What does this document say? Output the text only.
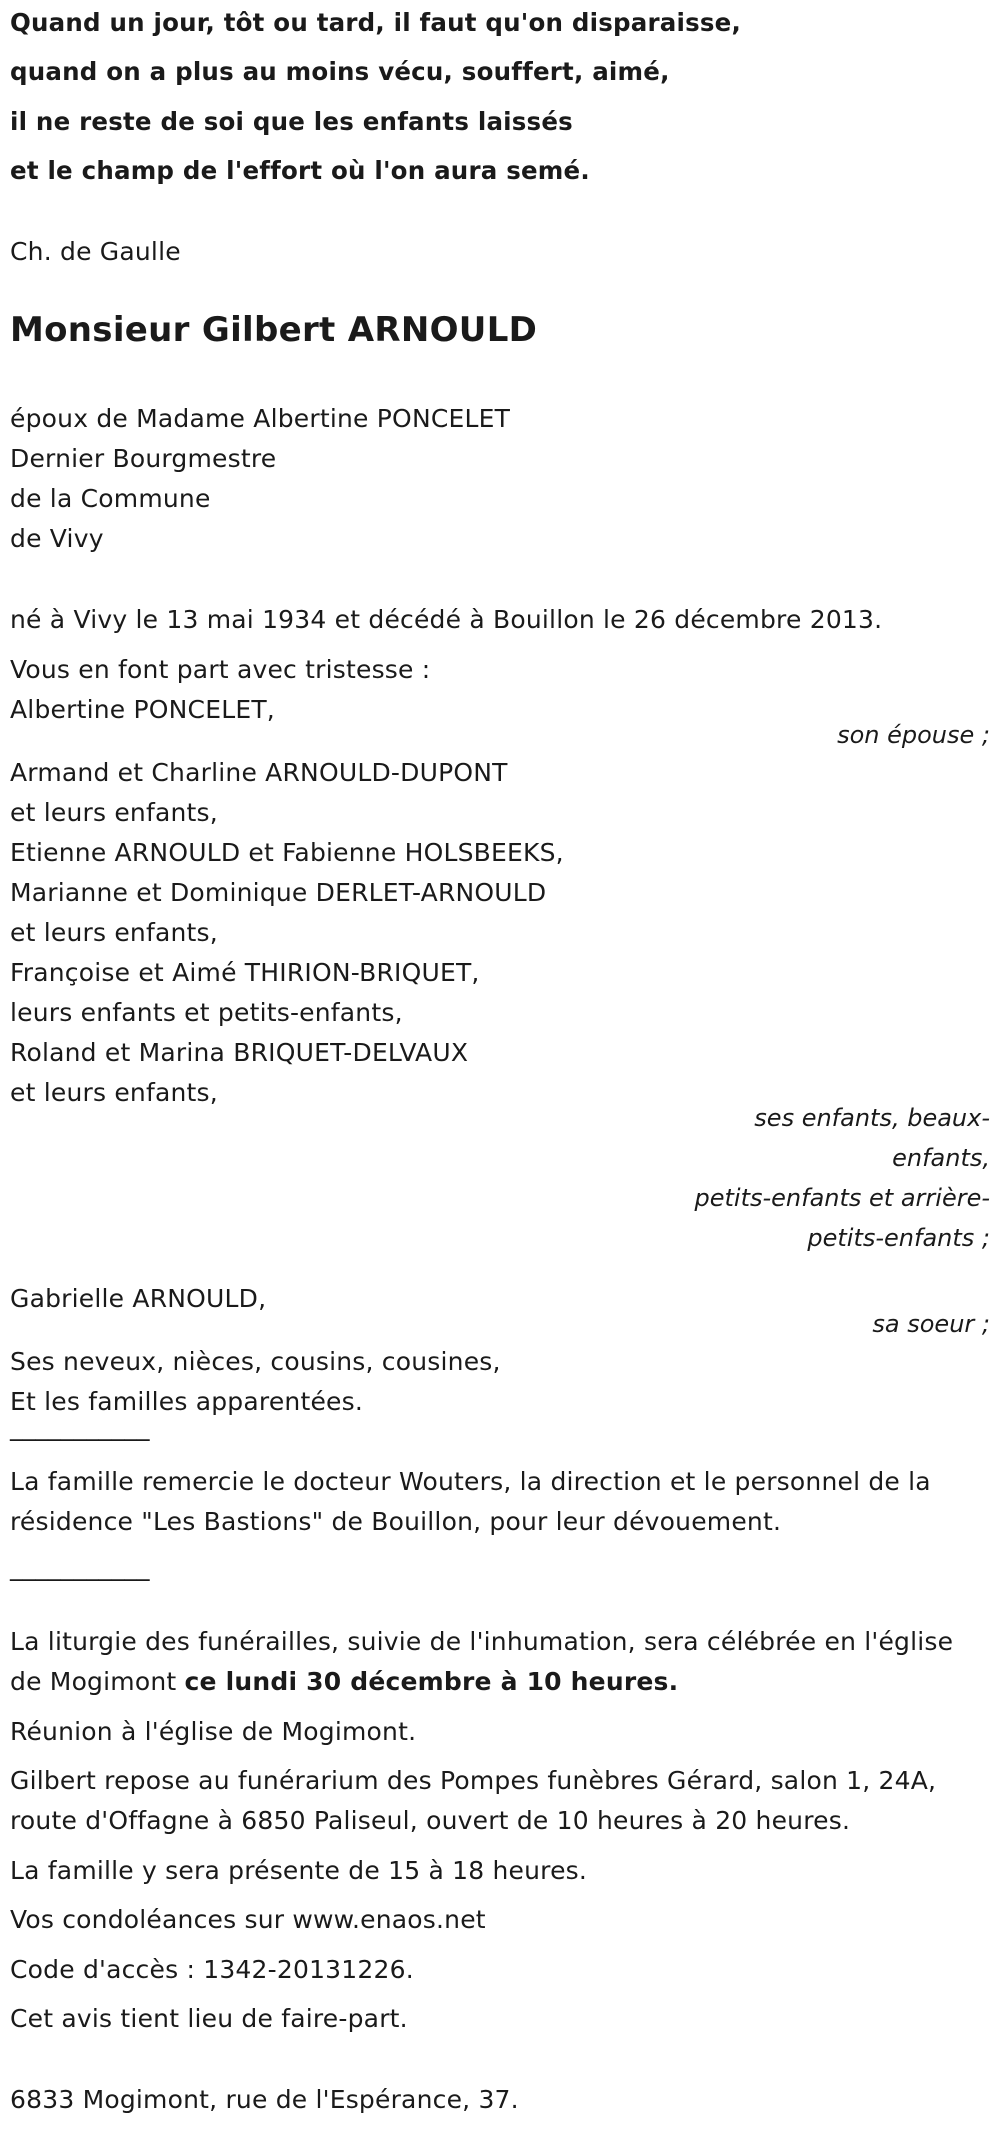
Quand un jour, tôt ou tard, il faut qu'on disparaisse,
quand on a plus au moins vécu, souffert, aimé,
il ne reste de soi que les enfants laissés
et le champ de l'effort où l'on aura semé.
Ch. de Gaulle
Monsieur Gilbert ARNOULD
époux de Madame Albertine PONCELET
Dernier Bourgmestre
de la Commune
de Vivy
né à Vivy le 13 mai 1934 et décédé à Bouillon le 26 décembre 2013.
Vous en font part avec tristesse :
Albertine PONCELET,
son épouse ;
Armand et Charline ARNOULD-DUPONT
et leurs enfants,
Etienne ARNOULD et Fabienne HOLSBEEKS,
Marianne et Dominique DERLET-ARNOULD
et leurs enfants,
Françoise et Aimé THIRION-BRIQUET,
leurs enfants et petits-enfants,
Roland et Marina BRIQUET-DELVAUX
et leurs enfants,
ses enfants, beaux-enfants,
petits-enfants et arrière-petits-enfants ;
Gabrielle ARNOULD,
sa soeur ;
Ses neveux, nièces, cousins, cousines,
Et les familles apparentées.
___________
La famille remercie le docteur Wouters, la direction et le personnel de la
résidence "Les Bastions" de Bouillon, pour leur dévouement.
___________
La liturgie des funérailles, suivie de l'inhumation, sera célébrée en l'église
de Mogimont ce lundi 30 décembre à 10 heures.
Réunion à l'église de Mogimont.
Gilbert repose au funérarium des Pompes funèbres Gérard, salon 1, 24A,
route d'Offagne à 6850 Paliseul, ouvert de 10 heures à 20 heures.
La famille y sera présente de 15 à 18 heures.
Vos condoléances sur www.enaos.net
Code d'accès : 1342-20131226.
Cet avis tient lieu de faire-part.
6833 Mogimont, rue de l'Espérance, 37.
